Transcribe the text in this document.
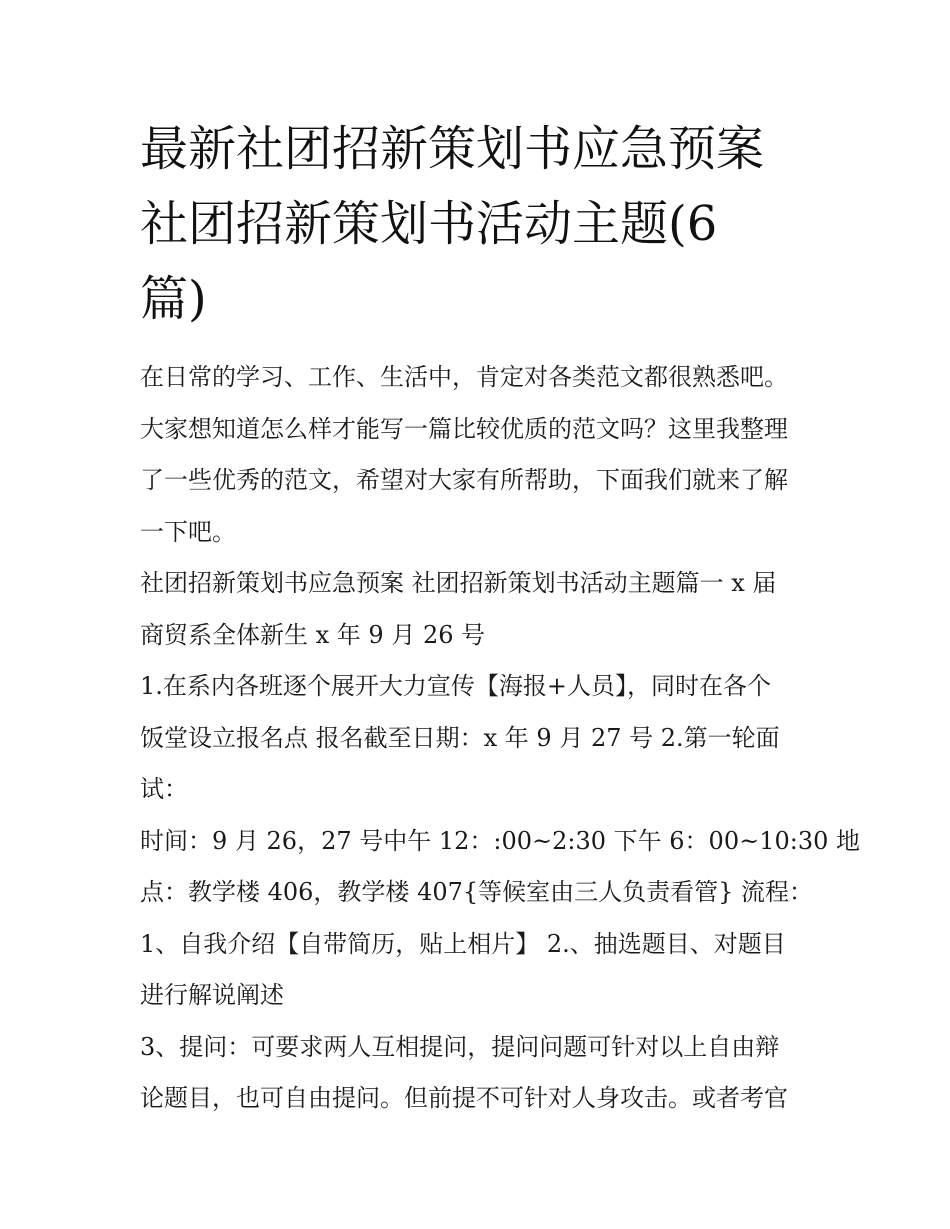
最新社团招新策划书应急预案
社团招新策划书活动主题(6
篇)
在日常的学习、工作、生活中，肯定对各类范文都很熟悉吧。
大家想知道怎么样才能写一篇比较优质的范文吗？这里我整理
了一些优秀的范文，希望对大家有所帮助，下面我们就来了解
一下吧。
社团招新策划书应急预案 社团招新策划书活动主题篇一 x 届
商贸系全体新生 x 年 9 月 26 号
1.在系内各班逐个展开大力宣传【海报+人员】，同时在各个
饭堂设立报名点 报名截至日期：x 年 9 月 27 号 2.第一轮面
试：
时间：9 月 26，27 号中午 12：:00~2:30 下午 6：00~10:30 地
点：教学楼 406，教学楼 407{等候室由三人负责看管} 流程：
1、自我介绍【自带简历，贴上相片】 2.、抽选题目、对题目
进行解说阐述
3、提问：可要求两人互相提问，提问问题可针对以上自由辩
论题目，也可自由提问。但前提不可针对人身攻击。或者考官
